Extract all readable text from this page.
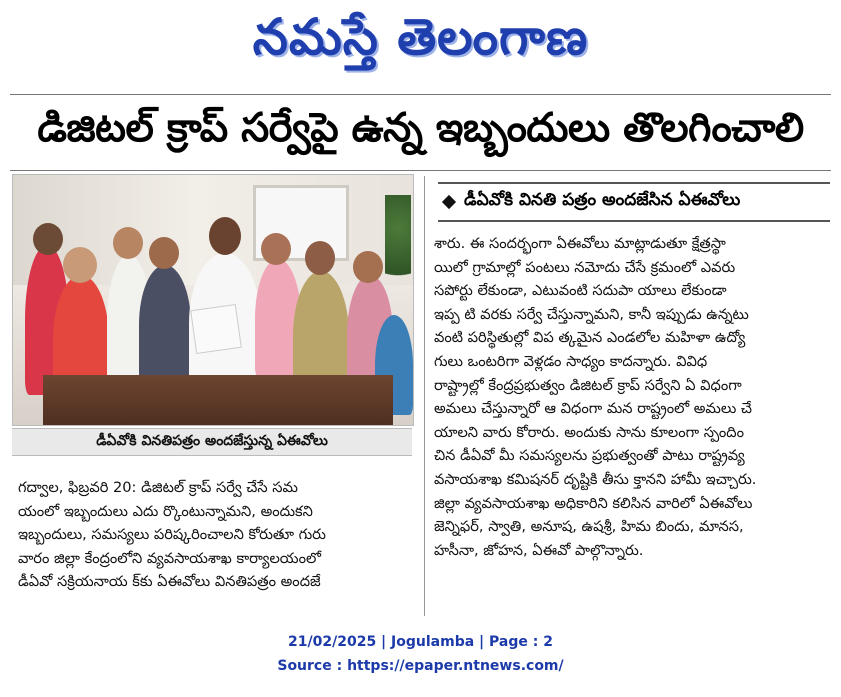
నమస్తే తెలంగాణ
డిజిటల్ క్రాప్ సర్వేపై ఉన్న ఇబ్బందులు తొలగించాలి
డీఏవోకి వినతిపత్రం అందజేస్తున్న ఏఈవోలు
డీఏవోకి వినతి పత్రం అందజేసిన ఏఈవోలు

శారు. ఈ సందర్భంగా ఏఈవోలు మాట్లాడుతూ క్షేత్రస్థా

యిలో గ్రామాల్లో పంటలు నమోదు చేసే క్రమంలో ఎవరు

సపోర్టు లేకుండా, ఎటువంటి సదుపా యాలు లేకుండా

ఇప్ప టి వరకు సర్వే చేస్తున్నామని, కానీ ఇప్పుడు ఉన్నటు

వంటి పరిస్థితుల్లో విప త్కమైన ఎండలోల మహిళా ఉద్యో

గులు ఒంటరిగా వెళ్లడం సాధ్యం కాదన్నారు. వివిధ

రాష్ట్రాల్లో కేంద్రప్రభుత్వం డిజిటల్ క్రాప్ సర్వేని ఏ విధంగా

అమలు చేస్తున్నారో ఆ విధంగా మన రాష్ట్రంలో అమలు చే

యాలని వారు కోరారు. అందుకు సాను కూలంగా స్పందిం

చిన డీఏవో మీ సమస్యలను ప్రభుత్వంతో పాటు రాష్ట్రవ్య

వసాయశాఖ కమిషనర్ దృష్టికి తీసు క్తానని హామీ ఇచ్చారు.

జిల్లా వ్యవసాయశాఖ అధికారిని కలిసిన వారిలో ఏఈవోలు

జెన్నిఫర్, స్వాతి, అనూష, ఉషశ్రీ, హిమ బిందు, మానస,

హసీనా, జోహన, ఏఈవో పాల్గొన్నారు.

గద్వాల, ఫిబ్రవరి 20: డిజిటల్ క్రాప్ సర్వే చేసే సమ

యంలో ఇబ్బందులు ఎదు ర్కొంటున్నామని, అందుకని

ఇబ్బందులు, సమస్యలు పరిష్కరించాలని కోరుతూ గురు

వారం జిల్లా కేంద్రంలోని వ్యవసాయశాఖ కార్యాలయంలో

డీఏవో సక్రియనాయ క్‌కు ఏఈవోలు వినతిపత్రం అందజే

21/02/2025 | Jogulamba | Page : 2
Source : https://epaper.ntnews.com/
